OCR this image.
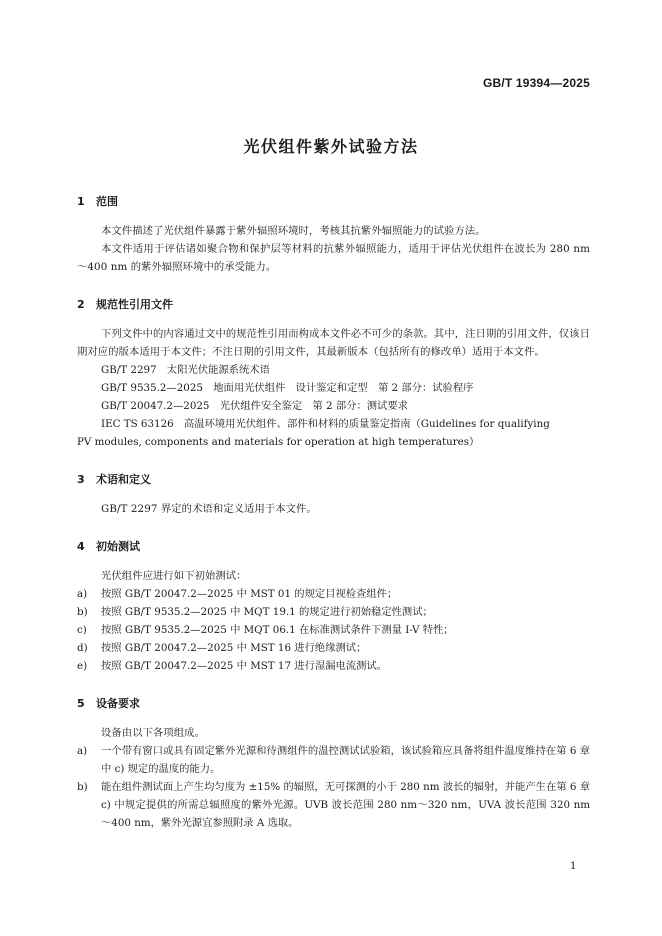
GB/T 19394—2025
光伏组件紫外试验方法
1 范围
本文件描述了光伏组件暴露于紫外辐照环境时，考核其抗紫外辐照能力的试验方法。
本文件适用于评估诸如聚合物和保护层等材料的抗紫外辐照能力，适用于评估光伏组件在波长为 280 nm～400 nm 的紫外辐照环境中的承受能力。
2 规范性引用文件
下列文件中的内容通过文中的规范性引用而构成本文件必不可少的条款。其中，注日期的引用文件，仅该日期对应的版本适用于本文件；不注日期的引用文件，其最新版本（包括所有的修改单）适用于本文件。
GB/T 2297　太阳光伏能源系统术语
GB/T 9535.2—2025　地面用光伏组件　设计鉴定和定型　第 2 部分：试验程序
GB/T 20047.2—2025　光伏组件安全鉴定　第 2 部分：测试要求
IEC TS 63126　高温环境用光伏组件、部件和材料的质量鉴定指南（Guidelines for qualifying
PV modules, components and materials for operation at high temperatures）
3 术语和定义
GB/T 2297 界定的术语和定义适用于本文件。
4 初始测试
光伏组件应进行如下初始测试：
a)	按照 GB/T 20047.2—2025 中 MST 01 的规定目视检查组件；
b)	按照 GB/T 9535.2—2025 中 MQT 19.1 的规定进行初始稳定性测试；
c)	按照 GB/T 9535.2—2025 中 MQT 06.1 在标准测试条件下测量 I-V 特性；
d)	按照 GB/T 20047.2—2025 中 MST 16 进行绝缘测试；
e)	按照 GB/T 20047.2—2025 中 MST 17 进行湿漏电流测试。
5 设备要求
设备由以下各项组成。
a)	一个带有窗口或具有固定紫外光源和待测组件的温控测试试验箱，该试验箱应具备将组件温度维持在第 6 章中 c) 规定的温度的能力。
b)	能在组件测试面上产生均匀度为 ±15% 的辐照，无可探测的小于 280 nm 波长的辐射，并能产生在第 6 章 c) 中规定提供的所需总辐照度的紫外光源。UVB 波长范围 280 nm～320 nm，UVA 波长范围 320 nm～400 nm，紫外光源宜参照附录 A 选取。
1
